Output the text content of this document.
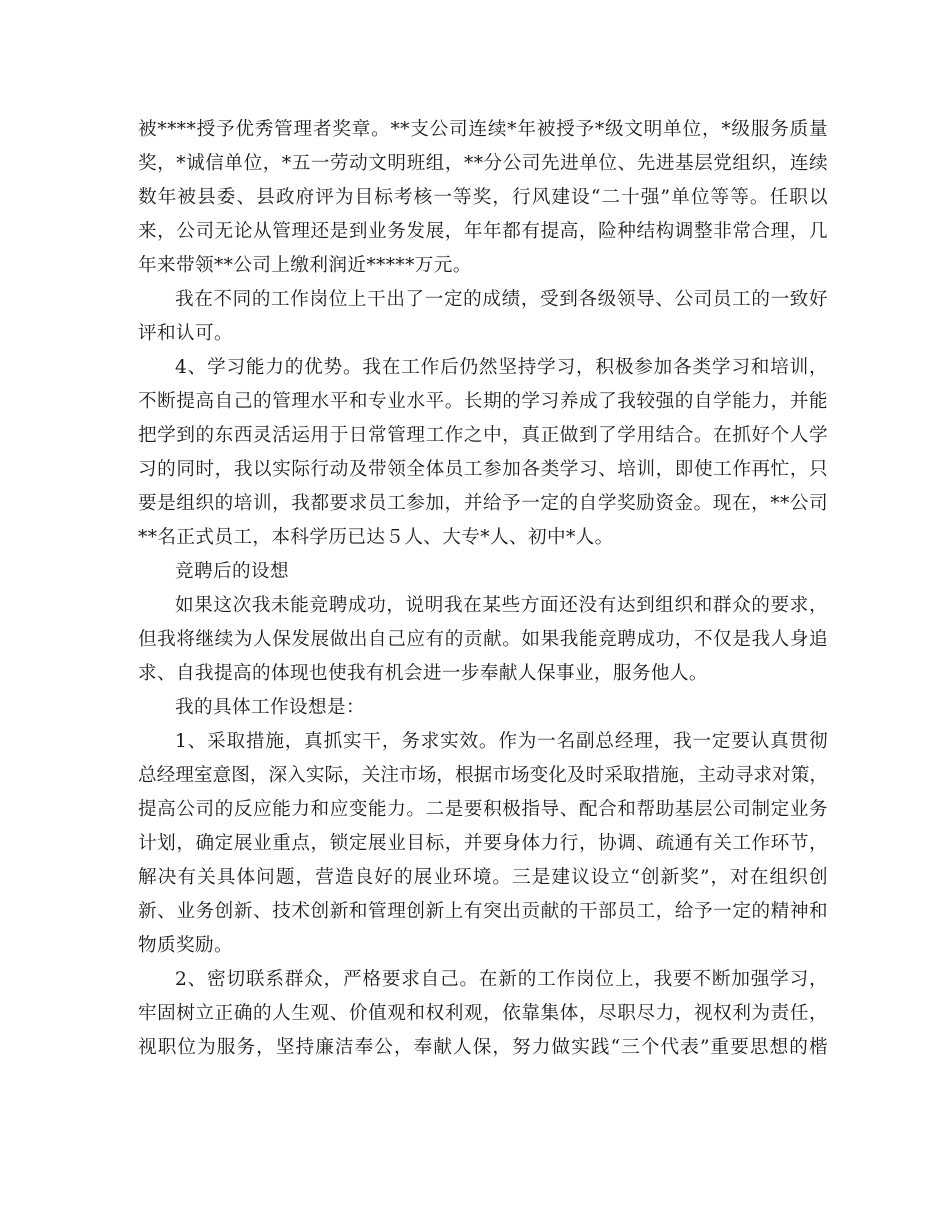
被****授予优秀管理者奖章。**支公司连续*年被授予*级文明单位，*级服务质量
奖，*诚信单位，*五一劳动文明班组，**分公司先进单位、先进基层党组织，连续
数年被县委、县政府评为目标考核一等奖，行风建设“二十强”单位等等。任职以
来，公司无论从管理还是到业务发展，年年都有提高，险种结构调整非常合理，几
年来带领**公司上缴利润近*****万元。
我在不同的工作岗位上干出了一定的成绩，受到各级领导、公司员工的一致好
评和认可。
4、学习能力的优势。我在工作后仍然坚持学习，积极参加各类学习和培训，
不断提高自己的管理水平和专业水平。长期的学习养成了我较强的自学能力，并能
把学到的东西灵活运用于日常管理工作之中，真正做到了学用结合。在抓好个人学
习的同时，我以实际行动及带领全体员工参加各类学习、培训，即使工作再忙，只
要是组织的培训，我都要求员工参加，并给予一定的自学奖励资金。现在，**公司
**名正式员工，本科学历已达５人、大专*人、初中*人。
竞聘后的设想
如果这次我未能竞聘成功，说明我在某些方面还没有达到组织和群众的要求，
但我将继续为人保发展做出自己应有的贡献。如果我能竞聘成功，不仅是我人身追
求、自我提高的体现也使我有机会进一步奉献人保事业，服务他人。
我的具体工作设想是：
1、采取措施，真抓实干，务求实效。作为一名副总经理，我一定要认真贯彻
总经理室意图，深入实际，关注市场，根据市场变化及时采取措施，主动寻求对策，
提高公司的反应能力和应变能力。二是要积极指导、配合和帮助基层公司制定业务
计划，确定展业重点，锁定展业目标，并要身体力行，协调、疏通有关工作环节，
解决有关具体问题，营造良好的展业环境。三是建议设立“创新奖”，对在组织创
新、业务创新、技术创新和管理创新上有突出贡献的干部员工，给予一定的精神和
物质奖励。
2、密切联系群众，严格要求自己。在新的工作岗位上，我要不断加强学习，
牢固树立正确的人生观、价值观和权利观，依靠集体，尽职尽力，视权利为责任，
视职位为服务，坚持廉洁奉公，奉献人保，努力做实践“三个代表”重要思想的楷
